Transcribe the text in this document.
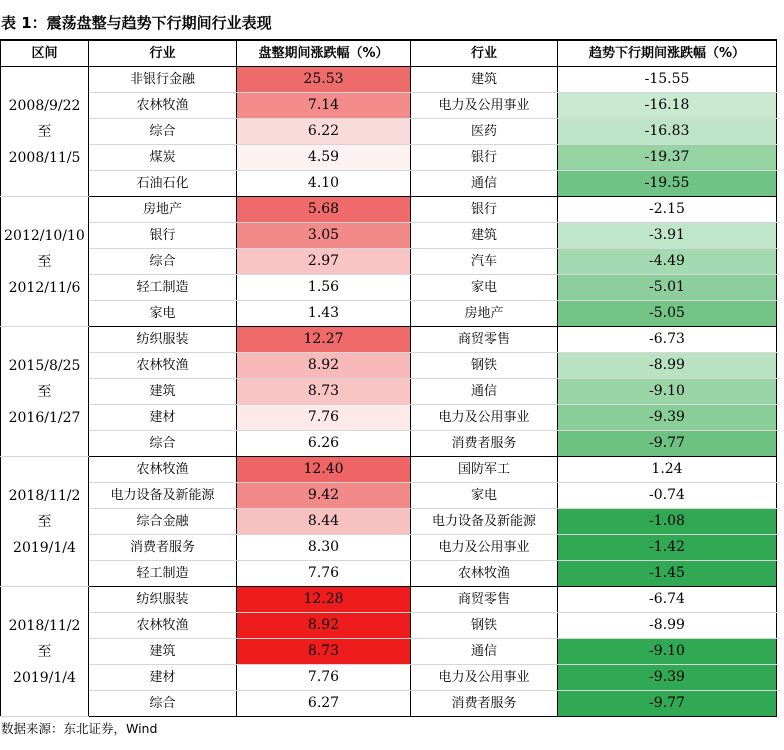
表 1：震荡盘整与趋势下行期间行业表现
区间	行业	盘整期间涨跌幅（%）	行业	趋势下行期间涨跌幅（%）

2008/9/22
至
2008/11/5	非银行金融	25.53	建筑	-15.55
	农林牧渔	7.14	电力及公用事业	-16.18
	综合	6.22	医药	-16.83
	煤炭	4.59	银行	-19.37
	石油石化	4.10	通信	-19.55

2012/10/10
至
2012/11/6	房地产	5.68	银行	-2.15
	银行	3.05	建筑	-3.91
	综合	2.97	汽车	-4.49
	轻工制造	1.56	家电	-5.01
	家电	1.43	房地产	-5.05

2015/8/25
至
2016/1/27	纺织服装	12.27	商贸零售	-6.73
	农林牧渔	8.92	钢铁	-8.99
	建筑	8.73	通信	-9.10
	建材	7.76	电力及公用事业	-9.39
	综合	6.26	消费者服务	-9.77

2018/11/2
至
2019/1/4	农林牧渔	12.40	国防军工	1.24
	电力设备及新能源	9.42	家电	-0.74
	综合金融	8.44	电力设备及新能源	-1.08
	消费者服务	8.30	电力及公用事业	-1.42
	轻工制造	7.76	农林牧渔	-1.45

2018/11/2
至
2019/1/4	纺织服装	12.28	商贸零售	-6.74
	农林牧渔	8.92	钢铁	-8.99
	建筑	8.73	通信	-9.10
	建材	7.76	电力及公用事业	-9.39
	综合	6.27	消费者服务	-9.77
数据来源：东北证券，Wind
